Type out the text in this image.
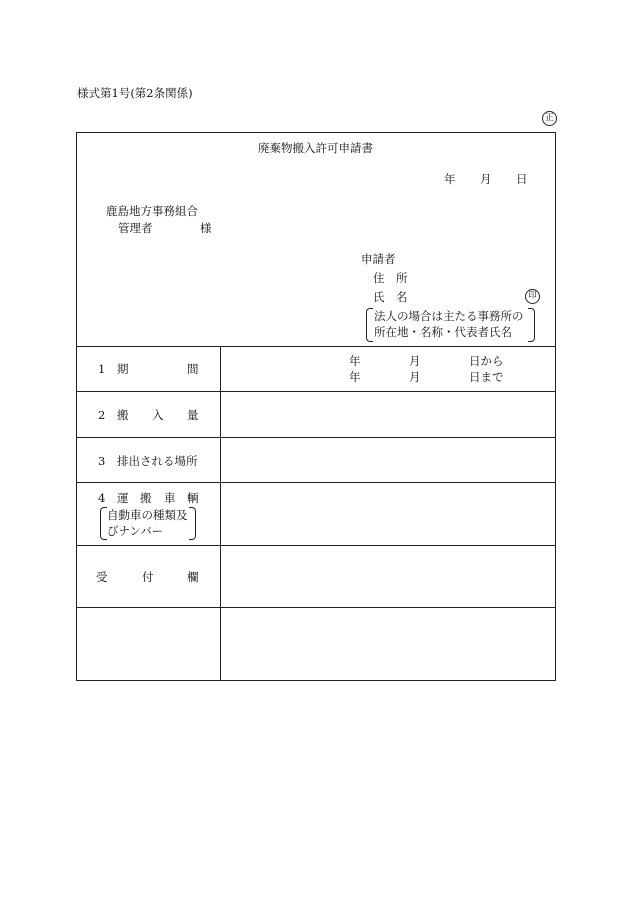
様式第1号(第2条関係)
正
廃棄物搬入許可申請書
年 月 日
鹿島地方事務組合
管理者	様
申請者
住　所
氏　名	印
法人の場合は主たる事務所の
所在地・名称・代表者氏名
1 期	間
年	月	日から
年	月	日まで
2 搬 入 量
3 排出される場所
4 運 搬 車 輌
自動車の種類及
びナンバー
受	付	欄
